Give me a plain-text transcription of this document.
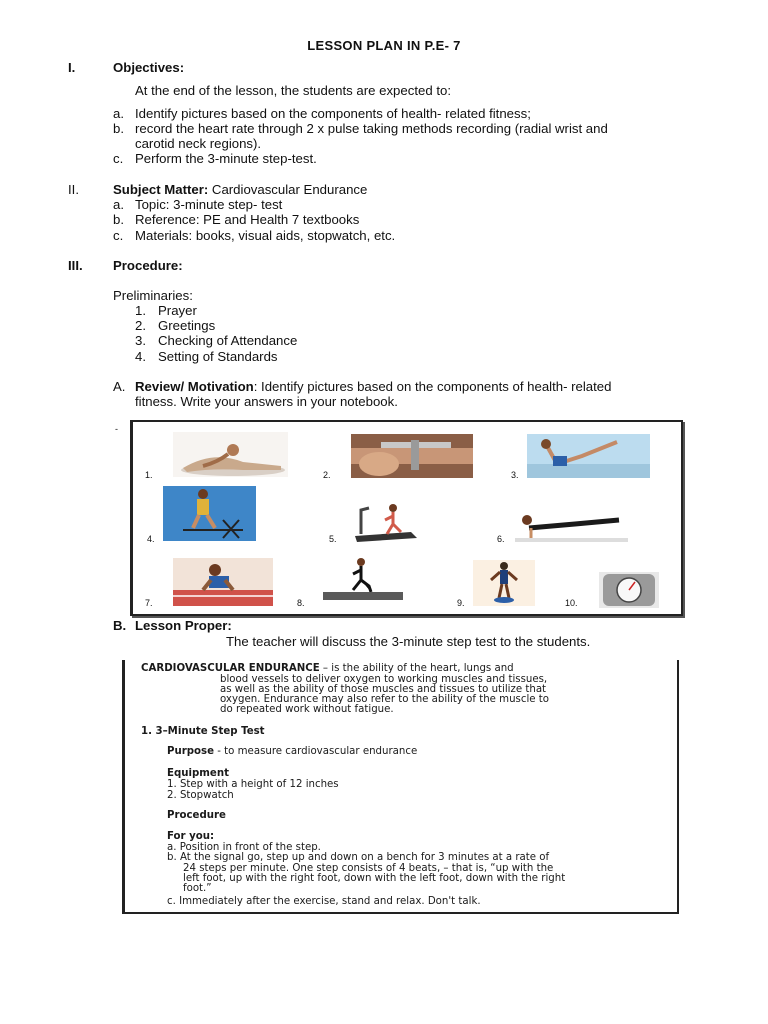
LESSON PLAN IN P.E- 7
I.	Objectives:
At the end of the lesson, the students are expected to:
a. Identify pictures based on the components of health- related fitness;
b. record the heart rate through 2 x pulse taking methods recording (radial wrist and
carotid neck regions).
c. Perform the 3-minute step-test.
II.	Subject Matter: Cardiovascular Endurance
a. Topic: 3-minute step- test
b. Reference: PE and Health 7 textbooks
c. Materials: books, visual aids, stopwatch, etc.
III. Procedure:
Preliminaries:
1. Prayer
2. Greetings
3. Checking of Attendance
4. Setting of Standards
A. Review/ Motivation: Identify pictures based on the components of health- related
fitness. Write your answers in your notebook.
-
1.	2.	3.
4.	5.	6.
7.	8.	9.	10.
B. Lesson Proper:
The teacher will discuss the 3-minute step test to the students.
CARDIOVASCULAR ENDURANCE – is the ability of the heart, lungs and
blood vessels to deliver oxygen to working muscles and tissues,
as well as the ability of those muscles and tissues to utilize that
oxygen. Endurance may also refer to the ability of the muscle to
do repeated work without fatigue.
1. 3–Minute Step Test
Purpose - to measure cardiovascular endurance
Equipment
1. Step with a height of 12 inches
2. Stopwatch
Procedure
For you:
a. Position in front of the step.
b. At the signal go, step up and down on a bench for 3 minutes at a rate of
24 steps per minute. One step consists of 4 beats, – that is, “up with the
left foot, up with the right foot, down with the left foot, down with the right
foot.”
c. Immediately after the exercise, stand and relax. Don't talk.
